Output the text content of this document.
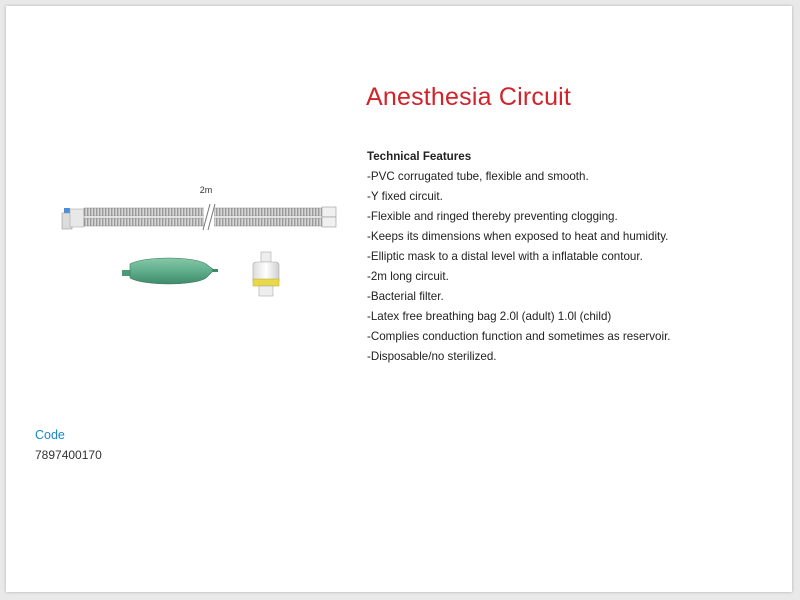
Anesthesia Circuit
Technical Features
-PVC corrugated tube, flexible and smooth.
-Y fixed circuit.
-Flexible and ringed thereby preventing clogging.
-Keeps its dimensions when exposed to heat and humidity.
-Elliptic mask to a distal level with a inflatable contour.
-2m long circuit.
-Bacterial filter.
-Latex free breathing bag 2.0l (adult) 1.0l (child)
-Complies conduction function and sometimes as reservoir.
-Disposable/no sterilized.
2m
Code
7897400170
